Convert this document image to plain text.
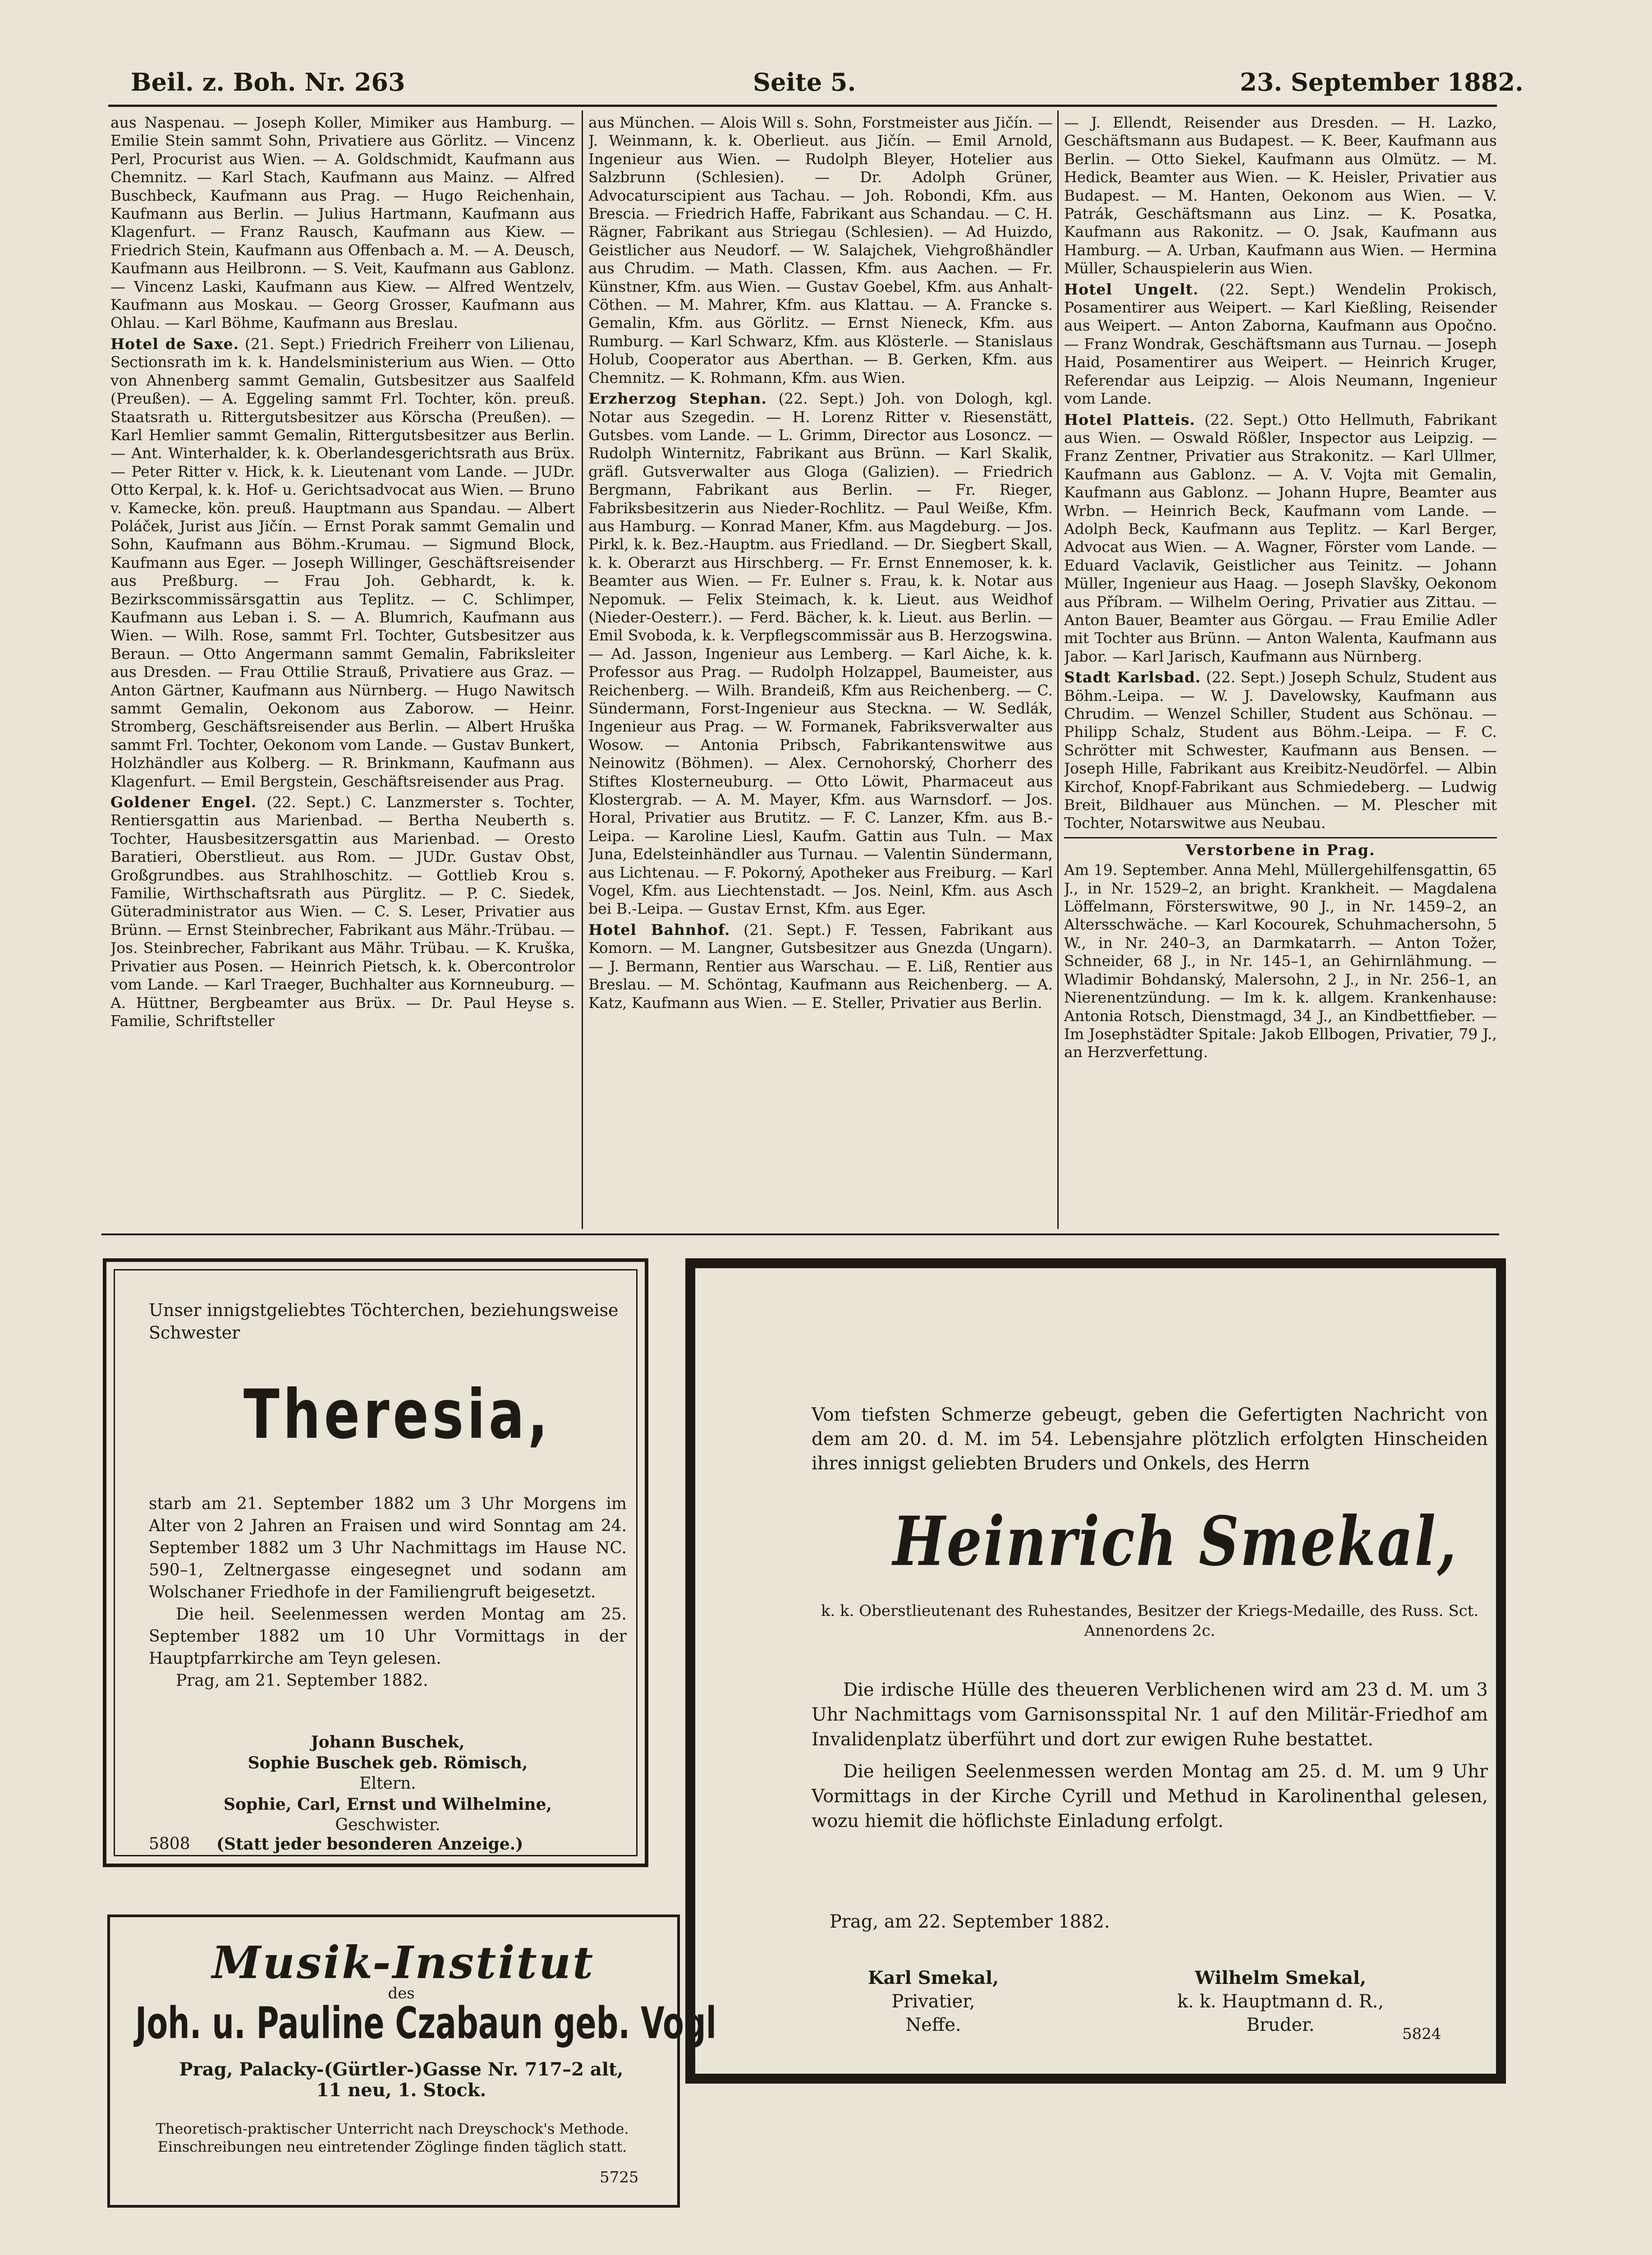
Beil. z. Boh. Nr. 263	Seite 5.	23. September 1882.

aus Naspenau. — Joseph Koller, Mimiker aus Hamburg. — Emilie Stein sammt Sohn, Privatiere aus Görlitz. — Vincenz Perl, Procurist aus Wien. — A. Goldschmidt, Kaufmann aus Chemnitz. — Karl Stach, Kaufmann aus Mainz. — Alfred Buschbeck, Kaufmann aus Prag. — Hugo Reichenhain, Kaufmann aus Berlin. — Julius Hartmann, Kaufmann aus Klagenfurt. — Franz Rausch, Kaufmann aus Kiew. — Friedrich Stein, Kaufmann aus Offenbach a. M. — A. Deusch, Kaufmann aus Heilbronn. — S. Veit, Kaufmann aus Gablonz. — Vincenz Laski, Kaufmann aus Kiew. — Alfred Wentzelv, Kaufmann aus Moskau. — Georg Grosser, Kaufmann aus Ohlau. — Karl Böhme, Kaufmann aus Breslau.

Hotel de Saxe. (21. Sept.) Friedrich Freiherr von Lilienau, Sectionsrath im k. k. Handelsministerium aus Wien. — Otto von Ahnenberg sammt Gemalin, Gutsbesitzer aus Saalfeld (Preußen). — A. Eggeling sammt Frl. Tochter, kön. preuß. Staatsrath u. Rittergutsbesitzer aus Körscha (Preußen). — Karl Hemlier sammt Gemalin, Rittergutsbesitzer aus Berlin. — Ant. Winterhalder, k. k. Oberlandesgerichtsrath aus Brüx. — Peter Ritter v. Hick, k. k. Lieutenant vom Lande. — JUDr. Otto Kerpal, k. k. Hof- u. Gerichtsadvocat aus Wien. — Bruno v. Kamecke, kön. preuß. Hauptmann aus Spandau. — Albert Poláček, Jurist aus Jičín. — Ernst Porak sammt Gemalin und Sohn, Kaufmann aus Böhm.-Krumau. — Sigmund Block, Kaufmann aus Eger. — Joseph Willinger, Geschäftsreisender aus Preßburg. — Frau Joh. Gebhardt, k. k. Bezirkscommissärsgattin aus Teplitz. — C. Schlimper, Kaufmann aus Leban i. S. — A. Blumrich, Kaufmann aus Wien. — Wilh. Rose, sammt Frl. Tochter, Gutsbesitzer aus Beraun. — Otto Angermann sammt Gemalin, Fabriksleiter aus Dresden. — Frau Ottilie Strauß, Privatiere aus Graz. — Anton Gärtner, Kaufmann aus Nürnberg. — Hugo Nawitsch sammt Gemalin, Oekonom aus Zaborow. — Heinr. Stromberg, Geschäftsreisender aus Berlin. — Albert Hruška sammt Frl. Tochter, Oekonom vom Lande. — Gustav Bunkert, Holzhändler aus Kolberg. — R. Brinkmann, Kaufmann aus Klagenfurt. — Emil Bergstein, Geschäftsreisender aus Prag.

Goldener Engel. (22. Sept.) C. Lanzmerster s. Tochter, Rentiersgattin aus Marienbad. — Bertha Neuberth s. Tochter, Hausbesitzersgattin aus Marienbad. — Oresto Baratieri, Oberstlieut. aus Rom. — JUDr. Gustav Obst, Großgrundbes. aus Strahlhoschitz. — Gottlieb Krou s. Familie, Wirthschaftsrath aus Pürglitz. — P. C. Siedek, Güteradministrator aus Wien. — C. S. Leser, Privatier aus Brünn. — Ernst Steinbrecher, Fabrikant aus Mähr.-Trübau. — Jos. Steinbrecher, Fabrikant aus Mähr. Trübau. — K. Kruška, Privatier aus Posen. — Heinrich Pietsch, k. k. Obercontrolor vom Lande. — Karl Traeger, Buchhalter aus Kornneuburg. — A. Hüttner, Bergbeamter aus Brüx. — Dr. Paul Heyse s. Familie, Schriftsteller

aus München. — Alois Will s. Sohn, Forstmeister aus Jičín. — J. Weinmann, k. k. Oberlieut. aus Jičín. — Emil Arnold, Ingenieur aus Wien. — Rudolph Bleyer, Hotelier aus Salzbrunn (Schlesien). — Dr. Adolph Grüner, Advocaturscipient aus Tachau. — Joh. Robondi, Kfm. aus Brescia. — Friedrich Haffe, Fabrikant aus Schandau. — C. H. Rägner, Fabrikant aus Striegau (Schlesien). — Ad Huizdo, Geistlicher aus Neudorf. — W. Salajchek, Viehgroßhändler aus Chrudim. — Math. Classen, Kfm. aus Aachen. — Fr. Künstner, Kfm. aus Wien. — Gustav Goebel, Kfm. aus Anhalt-Cöthen. — M. Mahrer, Kfm. aus Klattau. — A. Francke s. Gemalin, Kfm. aus Görlitz. — Ernst Nieneck, Kfm. aus Rumburg. — Karl Schwarz, Kfm. aus Klösterle. — Stanislaus Holub, Cooperator aus Aberthan. — B. Gerken, Kfm. aus Chemnitz. — K. Rohmann, Kfm. aus Wien.

Erzherzog Stephan. (22. Sept.) Joh. von Dologh, kgl. Notar aus Szegedin. — H. Lorenz Ritter v. Riesenstätt, Gutsbes. vom Lande. — L. Grimm, Director aus Losoncz. — Rudolph Winternitz, Fabrikant aus Brünn. — Karl Skalik, gräfl. Gutsverwalter aus Gloga (Galizien). — Friedrich Bergmann, Fabrikant aus Berlin. — Fr. Rieger, Fabriksbesitzerin aus Nieder-Rochlitz. — Paul Weiße, Kfm. aus Hamburg. — Konrad Maner, Kfm. aus Magdeburg. — Jos. Pirkl, k. k. Bez.-Hauptm. aus Friedland. — Dr. Siegbert Skall, k. k. Oberarzt aus Hirschberg. — Fr. Ernst Ennemoser, k. k. Beamter aus Wien. — Fr. Eulner s. Frau, k. k. Notar aus Nepomuk. — Felix Steimach, k. k. Lieut. aus Weidhof (Nieder-Oesterr.). — Ferd. Bächer, k. k. Lieut. aus Berlin. — Emil Svoboda, k. k. Verpflegscommissär aus B. Herzogswina. — Ad. Jasson, Ingenieur aus Lemberg. — Karl Aiche, k. k. Professor aus Prag. — Rudolph Holzappel, Baumeister, aus Reichenberg. — Wilh. Brandeiß, Kfm aus Reichenberg. — C. Sündermann, Forst-Ingenieur aus Steckna. — W. Sedlák, Ingenieur aus Prag. — W. Formanek, Fabriksverwalter aus Wosow. — Antonia Pribsch, Fabrikantenswitwe aus Neinowitz (Böhmen). — Alex. Cernohorský, Chorherr des Stiftes Klosterneuburg. — Otto Löwit, Pharmaceut aus Klostergrab. — A. M. Mayer, Kfm. aus Warnsdorf. — Jos. Horal, Privatier aus Brutitz. — F. C. Lanzer, Kfm. aus B.-Leipa. — Karoline Liesl, Kaufm. Gattin aus Tuln. — Max Juna, Edelsteinhändler aus Turnau. — Valentin Sündermann, aus Lichtenau. — F. Pokorný, Apotheker aus Freiburg. — Karl Vogel, Kfm. aus Liechtenstadt. — Jos. Neinl, Kfm. aus Asch bei B.-Leipa. — Gustav Ernst, Kfm. aus Eger.

Hotel Bahnhof. (21. Sept.) F. Tessen, Fabrikant aus Komorn. — M. Langner, Gutsbesitzer aus Gnezda (Ungarn). — J. Bermann, Rentier aus Warschau. — E. Liß, Rentier aus Breslau. — M. Schöntag, Kaufmann aus Reichenberg. — A. Katz, Kaufmann aus Wien. — E. Steller, Privatier aus Berlin.

— J. Ellendt, Reisender aus Dresden. — H. Lazko, Geschäftsmann aus Budapest. — K. Beer, Kaufmann aus Berlin. — Otto Siekel, Kaufmann aus Olmütz. — M. Hedick, Beamter aus Wien. — K. Heisler, Privatier aus Budapest. — M. Hanten, Oekonom aus Wien. — V. Patrák, Geschäftsmann aus Linz. — K. Posatka, Kaufmann aus Rakonitz. — O. Jsak, Kaufmann aus Hamburg. — A. Urban, Kaufmann aus Wien. — Hermina Müller, Schauspielerin aus Wien.

Hotel Ungelt. (22. Sept.) Wendelin Prokisch, Posamentirer aus Weipert. — Karl Kießling, Reisender aus Weipert. — Anton Zaborna, Kaufmann aus Opočno. — Franz Wondrak, Geschäftsmann aus Turnau. — Joseph Haid, Posamentirer aus Weipert. — Heinrich Kruger, Referendar aus Leipzig. — Alois Neumann, Ingenieur vom Lande.

Hotel Platteis. (22. Sept.) Otto Hellmuth, Fabrikant aus Wien. — Oswald Rößler, Inspector aus Leipzig. — Franz Zentner, Privatier aus Strakonitz. — Karl Ullmer, Kaufmann aus Gablonz. — A. V. Vojta mit Gemalin, Kaufmann aus Gablonz. — Johann Hupre, Beamter aus Wrbn. — Heinrich Beck, Kaufmann vom Lande. — Adolph Beck, Kaufmann aus Teplitz. — Karl Berger, Advocat aus Wien. — A. Wagner, Förster vom Lande. — Eduard Vaclavik, Geistlicher aus Teinitz. — Johann Müller, Ingenieur aus Haag. — Joseph Slavšky, Oekonom aus Příbram. — Wilhelm Oering, Privatier aus Zittau. — Anton Bauer, Beamter aus Görgau. — Frau Emilie Adler mit Tochter aus Brünn. — Anton Walenta, Kaufmann aus Jabor. — Karl Jarisch, Kaufmann aus Nürnberg.

Stadt Karlsbad. (22. Sept.) Joseph Schulz, Student aus Böhm.-Leipa. — W. J. Davelowsky, Kaufmann aus Chrudim. — Wenzel Schiller, Student aus Schönau. — Philipp Schalz, Student aus Böhm.-Leipa. — F. C. Schrötter mit Schwester, Kaufmann aus Bensen. — Joseph Hille, Fabrikant aus Kreibitz-Neudörfel. — Albin Kirchof, Knopf-Fabrikant aus Schmiedeberg. — Ludwig Breit, Bildhauer aus München. — M. Plescher mit Tochter, Notarswitwe aus Neubau.

Verstorbene in Prag.

Am 19. September. Anna Mehl, Müllergehilfensgattin, 65 J., in Nr. 1529–2, an bright. Krankheit. — Magdalena Löffelmann, Försterswitwe, 90 J., in Nr. 1459–2, an Altersschwäche. — Karl Kocourek, Schuhmachersohn, 5 W., in Nr. 240–3, an Darmkatarrh. — Anton Tožer, Schneider, 68 J., in Nr. 145–1, an Gehirnlähmung. — Wladimir Bohdanský, Malersohn, 2 J., in Nr. 256–1, an Nierenentzündung. — Im k. k. allgem. Krankenhause: Antonia Rotsch, Dienstmagd, 34 J., an Kindbettfieber. — Im Josephstädter Spitale: Jakob Ellbogen, Privatier, 79 J., an Herzverfettung.

Unser innigstgeliebtes Töchterchen, beziehungsweise Schwester
Theresia,

starb am 21. September 1882 um 3 Uhr Morgens im Alter von 2 Jahren an Fraisen und wird Sonntag am 24. September 1882 um 3 Uhr Nachmittags im Hause NC. 590–1, Zeltnergasse eingesegnet und sodann am Wolschaner Friedhofe in der Familiengruft beigesetzt.

Die heil. Seelenmessen werden Montag am 25. September 1882 um 10 Uhr Vormittags in der Hauptpfarrkirche am Teyn gelesen.

Prag, am 21. September 1882.

Johann Buschek,
Sophie Buschek geb. Römisch,
Eltern.
Sophie, Carl, Ernst und Wilhelmine,
Geschwister.
5808 (Statt jeder besonderen Anzeige.)
Vom tiefsten Schmerze gebeugt, geben die Gefertigten Nachricht von dem am 20. d. M. im 54. Lebensjahre plötzlich erfolgten Hinscheiden ihres innigst geliebten Bruders und Onkels, des Herrn
Heinrich Smekal,
k. k. Oberstlieutenant des Ruhestandes, Besitzer der Kriegs-Medaille, des Russ. Sct. Annenordens 2c.

Die irdische Hülle des theueren Verblichenen wird am 23 d. M. um 3 Uhr Nachmittags vom Garnisonsspital Nr. 1 auf den Militär-Friedhof am Invalidenplatz überführt und dort zur ewigen Ruhe bestattet.

Die heiligen Seelenmessen werden Montag am 25. d. M. um 9 Uhr Vormittags in der Kirche Cyrill und Methud in Karolinenthal gelesen, wozu hiemit die höflichste Einladung erfolgt.

Prag, am 22. September 1882.
Karl Smekal,
Privatier,
Neffe.
Wilhelm Smekal,
k. k. Hauptmann d. R.,
Bruder.	5824
Musik-Institut
des
Joh. u. Pauline Czabaun geb. Vogl
Prag, Palacky-(Gürtler-)Gasse Nr. 717–2 alt,
11 neu, 1. Stock.
Theoretisch-praktischer Unterricht nach Dreyschock's Methode. Einschreibungen neu eintretender Zöglinge finden täglich statt.
5725
